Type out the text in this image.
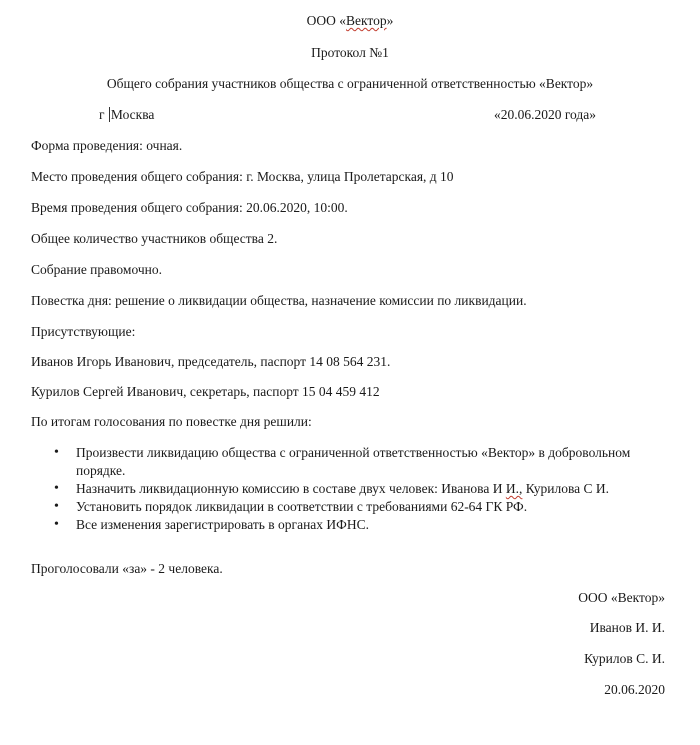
ООО «Вектор»
Протокол №1
Общего собрания участников общества с ограниченной ответственностью «Вектор»
г Москва	«20.06.2020 года»
Форма проведения: очная.
Место проведения общего собрания: г. Москва, улица Пролетарская, д 10
Время проведения общего собрания: 20.06.2020, 10:00.
Общее количество участников общества 2.
Собрание правомочно.
Повестка дня: решение о ликвидации общества, назначение комиссии по ликвидации.
Присутствующие:
Иванов Игорь Иванович, председатель, паспорт 14 08 564 231.
Курилов Сергей Иванович, секретарь, паспорт 15 04 459 412
По итогам голосования по повестке дня решили:
• Произвести ликвидацию общества с ограниченной ответственностью «Вектор» в добровольном
порядке.
• Назначить ликвидационную комиссию в составе двух человек: Иванова И И., Курилова С И.
• Установить порядок ликвидации в соответствии с требованиями 62-64 ГК РФ.
• Все изменения зарегистрировать в органах ИФНС.
Проголосовали «за» - 2 человека.
ООО «Вектор»
Иванов И. И.
Курилов С. И.
20.06.2020
